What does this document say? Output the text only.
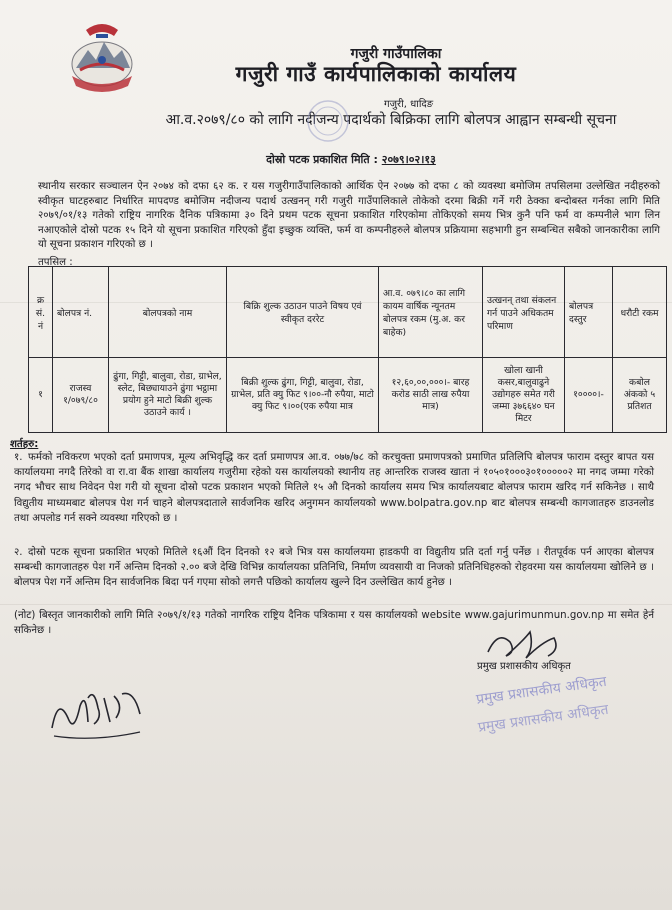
गजुरी गाउँपालिका
गजुरी गाउँ कार्यपालिकाको कार्यालय
गजुरी, धादिङ
आ.व.२०७९/८० को लागि नदीजन्य पदार्थको बिक्रिका लागि बोलपत्र आह्वान सम्बन्धी सूचना
दोस्रो पटक प्रकाशित मिति : २०७९।०२।१३
स्थानीय सरकार सञ्चालन ऐन २०७४ को दफा ६२ क. र यस गजुरीगाउँपालिकाको आर्थिक ऐन २०७७ को दफा ८ को व्यवस्था बमोजिम तपसिलमा उल्लेखित नदीहरुको स्वीकृत घाटहरुबाट निर्धारित मापदण्ड बमोजिम नदीजन्य पदार्थ उत्खनन् गरी गजुरी गाउँपालिकाले तोकेको दरमा बिक्री गर्ने गरी ठेक्का बन्दोबस्त गर्नका लागि मिति २०७९/०१/१३ गतेको राष्ट्रिय नागरिक दैनिक पत्रिकामा ३० दिने प्रथम पटक सूचना प्रकाशित गरिएकोमा तोकिएको समय भित्र कुनै पनि फर्म वा कम्पनीले भाग लिन नआएकोले दोस्रो पटक १५ दिने यो सूचना प्रकाशित गरिएको हुँदा इच्छुक व्यक्ति, फर्म वा कम्पनीहरुले बोलपत्र प्रक्रियामा सहभागी हुन सम्बन्धित सबैको जानकारीका लागि यो सूचना प्रकाशन गरिएको छ ।
तपसिल :
क्र सं. नं	बोलपत्र नं.	बोलपत्रको नाम	बिक्रि शुल्क उठाउन पाउने विषय एवं स्वीकृत दररेट	आ.व. ०७९।८० का लागि कायम वार्षिक न्यूनतम बोलपत्र रकम (मु.अ. कर बाहेक)	उत्खनन् तथा संकलन गर्न पाउने अधिकतम परिमाण	बोलपत्र दस्तुर	धरौटी रकम
१	राजस्व १/०७९/८०	ढुंगा, गिट्टी, बालुवा, रोडा, ग्राभेल, स्लेट, बिछ्यायाउने ढुंगा भट्ठामा प्रयोग हुने माटो बिक्री शुल्क उठाउने कार्य ।	बिक्री शुल्क ढुंगा, गिट्टी, बालुवा, रोडा, ग्राभेल, प्रति क्यु फिट ९।००-नौ रुपैया, माटो क्यु फिट ९।००(एक रुपैया मात्र	१२,६०,००,०००।- बारह करोड साठी लाख रुपैया मात्र)	खोला खानी कसर,बालुवाढुने उद्योगहरु समेत गरी जम्मा ३७६६४० घन मिटर	१००००।-	कबोल अंकको ५ प्रतिशत
शर्तहरु:
१. फर्मको नविकरण भएको दर्ता प्रमाणपत्र, मूल्य अभिवृद्धि कर दर्ता प्रमाणपत्र आ.व. ०७७/७८ को करचुक्ता प्रमाणपत्रको प्रमाणित प्रतिलिपि बोलपत्र फाराम दस्तुर बापत यस कार्यालयमा नगदै तिरेको वा रा.वा बैंक शाखा कार्यालय गजुरीमा रहेको यस कार्यालयको स्थानीय तह आन्तरिक राजस्व खाता नं १०५०१०००३०१०००००२ मा नगद जम्मा गरेको नगद भौचर साथ निवेदन पेश गरी यो सूचना दोस्रो पटक प्रकाशन भएको मितिले १५ औ दिनको कार्यालय समय भित्र कार्यालयबाट बोलपत्र फाराम खरिद गर्न सकिनेछ । साथै विद्युतीय माध्यमबाट बोलपत्र पेश गर्न चाहने बोलपत्रदाताले सार्वजनिक खरिद अनुगमन कार्यालयको www.bolpatra.gov.np बाट बोलपत्र सम्बन्धी कागजातहरु डाउनलोड तथा अपलोड गर्न सक्ने व्यवस्था गरिएको छ ।
२. दोस्रो पटक सूचना प्रकाशित भएको मितिले १६औं दिन दिनको १२ बजे भित्र यस कार्यालयमा हाडकपी वा विद्युतीय प्रति दर्ता गर्नु पर्नेछ । रीतपूर्वक पर्न आएका बोलपत्र सम्बन्धी कागजातहरु पेश गर्ने अन्तिम दिनको २.०० बजे देखि विभिन्न कार्यालयका प्रतिनिधि, निर्माण व्यवसायी वा निजको प्रतिनिधिहरुको रोहवरमा यस कार्यालयमा खोलिने छ । बोलपत्र पेश गर्ने अन्तिम दिन सार्वजनिक बिदा पर्न गएमा सोको लगत्तै पछिको कार्यालय खुल्ने दिन उल्लेखित कार्य हुनेछ ।
(नोट) बिस्तृत जानकारीको लागि मिति २०७९/१/१३ गतेको नागरिक राष्ट्रिय दैनिक पत्रिकामा र यस कार्यालयको website www.gajurimunmun.gov.np मा समेत हेर्न सकिनेछ ।
प्रमुख प्रशासकीय अधिकृत
प्रमुख प्रशासकीय अधिकृत
प्रमुख प्रशासकीय अधिकृत
